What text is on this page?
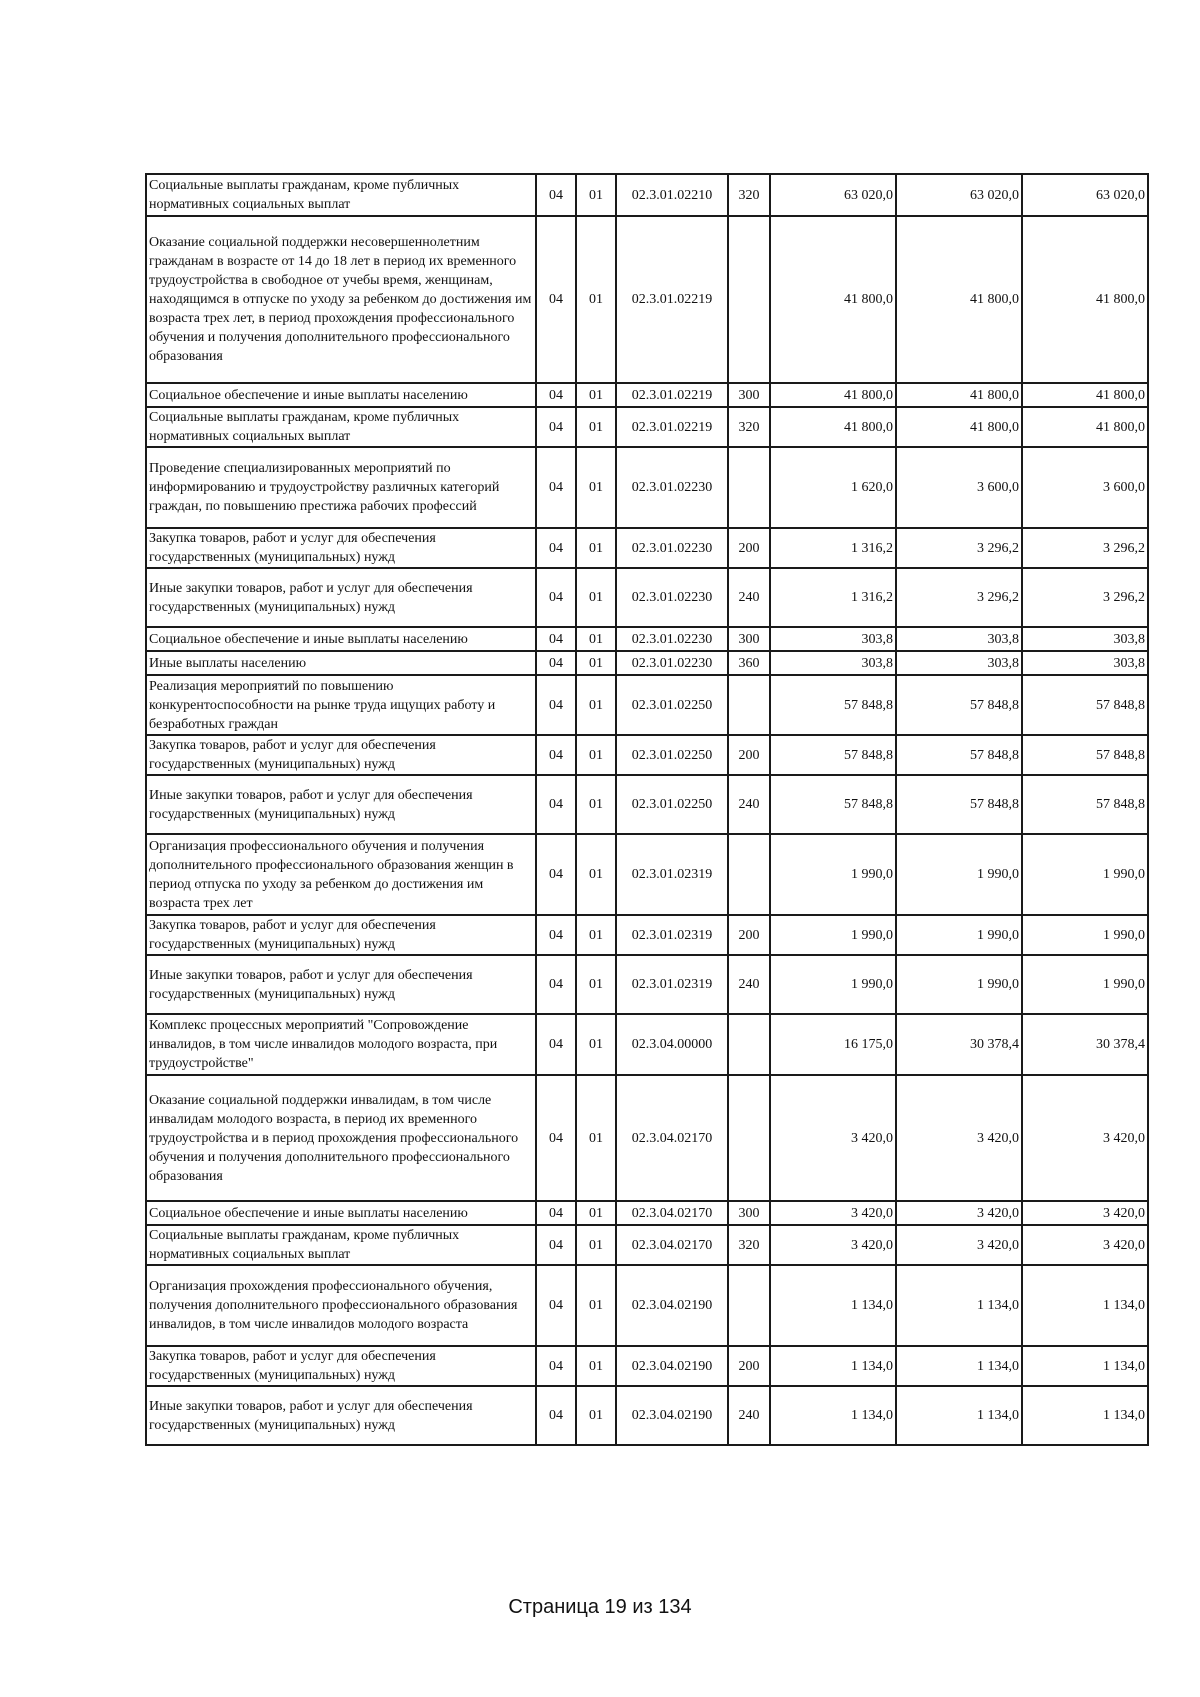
Социальные выплаты гражданам, кроме публичных нормативных социальных выплат	04	01	02.3.01.02210	320	63 020,0	63 020,0	63 020,0
Оказание социальной поддержки несовершеннолетним гражданам в возрасте от 14 до 18 лет в период их временного трудоустройства в свободное от учебы время, женщинам, находящимся в отпуске по уходу за ребенком до достижения им возраста трех лет, в период прохождения профессионального обучения и получения дополнительного профессионального образования	04	01	02.3.01.02219		41 800,0	41 800,0	41 800,0
Социальное обеспечение и иные выплаты населению	04	01	02.3.01.02219	300	41 800,0	41 800,0	41 800,0
Социальные выплаты гражданам, кроме публичных нормативных социальных выплат	04	01	02.3.01.02219	320	41 800,0	41 800,0	41 800,0
Проведение специализированных мероприятий по информированию и трудоустройству различных категорий граждан, по повышению престижа рабочих профессий	04	01	02.3.01.02230		1 620,0	3 600,0	3 600,0
Закупка товаров, работ и услуг для обеспечения государственных (муниципальных) нужд	04	01	02.3.01.02230	200	1 316,2	3 296,2	3 296,2
Иные закупки товаров, работ и услуг для обеспечения государственных (муниципальных) нужд	04	01	02.3.01.02230	240	1 316,2	3 296,2	3 296,2
Социальное обеспечение и иные выплаты населению	04	01	02.3.01.02230	300	303,8	303,8	303,8
Иные выплаты населению	04	01	02.3.01.02230	360	303,8	303,8	303,8
Реализация мероприятий по повышению конкурентоспособности на рынке труда ищущих работу и безработных граждан	04	01	02.3.01.02250		57 848,8	57 848,8	57 848,8
Закупка товаров, работ и услуг для обеспечения государственных (муниципальных) нужд	04	01	02.3.01.02250	200	57 848,8	57 848,8	57 848,8
Иные закупки товаров, работ и услуг для обеспечения государственных (муниципальных) нужд	04	01	02.3.01.02250	240	57 848,8	57 848,8	57 848,8
Организация профессионального обучения и получения дополнительного профессионального образования женщин в период отпуска по уходу за ребенком до достижения им возраста трех лет	04	01	02.3.01.02319		1 990,0	1 990,0	1 990,0
Закупка товаров, работ и услуг для обеспечения государственных (муниципальных) нужд	04	01	02.3.01.02319	200	1 990,0	1 990,0	1 990,0
Иные закупки товаров, работ и услуг для обеспечения государственных (муниципальных) нужд	04	01	02.3.01.02319	240	1 990,0	1 990,0	1 990,0
Комплекс процессных мероприятий "Сопровождение инвалидов, в том числе инвалидов молодого возраста, при трудоустройстве"	04	01	02.3.04.00000		16 175,0	30 378,4	30 378,4
Оказание социальной поддержки инвалидам, в том числе инвалидам молодого возраста, в период их временного трудоустройства и в период прохождения профессионального обучения и получения дополнительного профессионального образования	04	01	02.3.04.02170		3 420,0	3 420,0	3 420,0
Социальное обеспечение и иные выплаты населению	04	01	02.3.04.02170	300	3 420,0	3 420,0	3 420,0
Социальные выплаты гражданам, кроме публичных нормативных социальных выплат	04	01	02.3.04.02170	320	3 420,0	3 420,0	3 420,0
Организация прохождения профессионального обучения, получения дополнительного профессионального образования инвалидов, в том числе инвалидов молодого возраста	04	01	02.3.04.02190		1 134,0	1 134,0	1 134,0
Закупка товаров, работ и услуг для обеспечения государственных (муниципальных) нужд	04	01	02.3.04.02190	200	1 134,0	1 134,0	1 134,0
Иные закупки товаров, работ и услуг для обеспечения государственных (муниципальных) нужд	04	01	02.3.04.02190	240	1 134,0	1 134,0	1 134,0
Страница 19 из 134
